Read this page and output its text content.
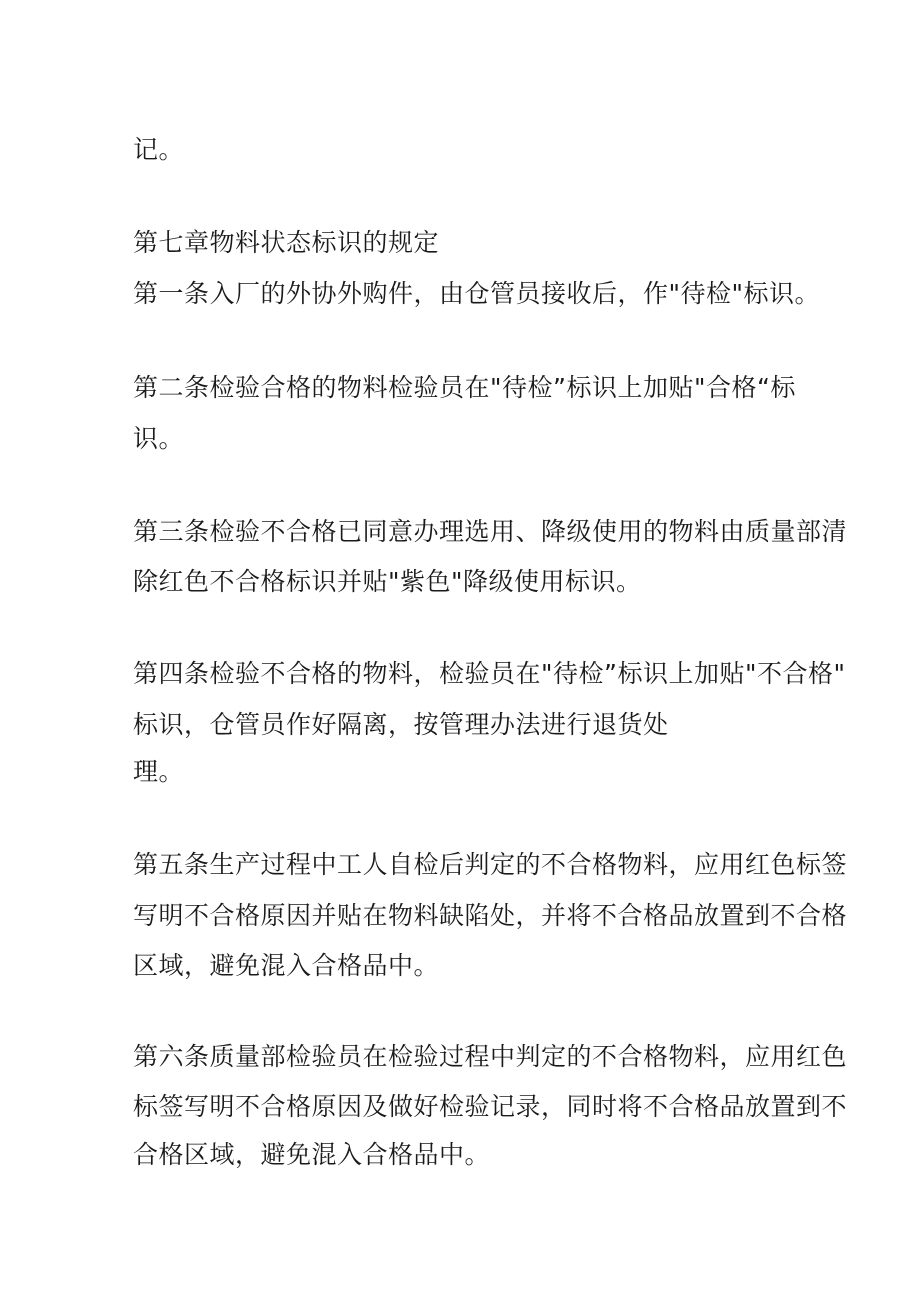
记。
第七章物料状态标识的规定
第一条入厂的外协外购件，由仓管员接收后，作"待检"标识。
第二条检验合格的物料检验员在"待检”标识上加贴"合格“标
识。
第三条检验不合格已同意办理选用、降级使用的物料由质量部清
除红色不合格标识并贴"紫色"降级使用标识。
第四条检验不合格的物料，检验员在"待检”标识上加贴"不合格"
标识，仓管员作好隔离，按管理办法进行退货处
理。
第五条生产过程中工人自检后判定的不合格物料，应用红色标签
写明不合格原因并贴在物料缺陷处，并将不合格品放置到不合格
区域，避免混入合格品中。
第六条质量部检验员在检验过程中判定的不合格物料，应用红色
标签写明不合格原因及做好检验记录，同时将不合格品放置到不
合格区域，避免混入合格品中。
